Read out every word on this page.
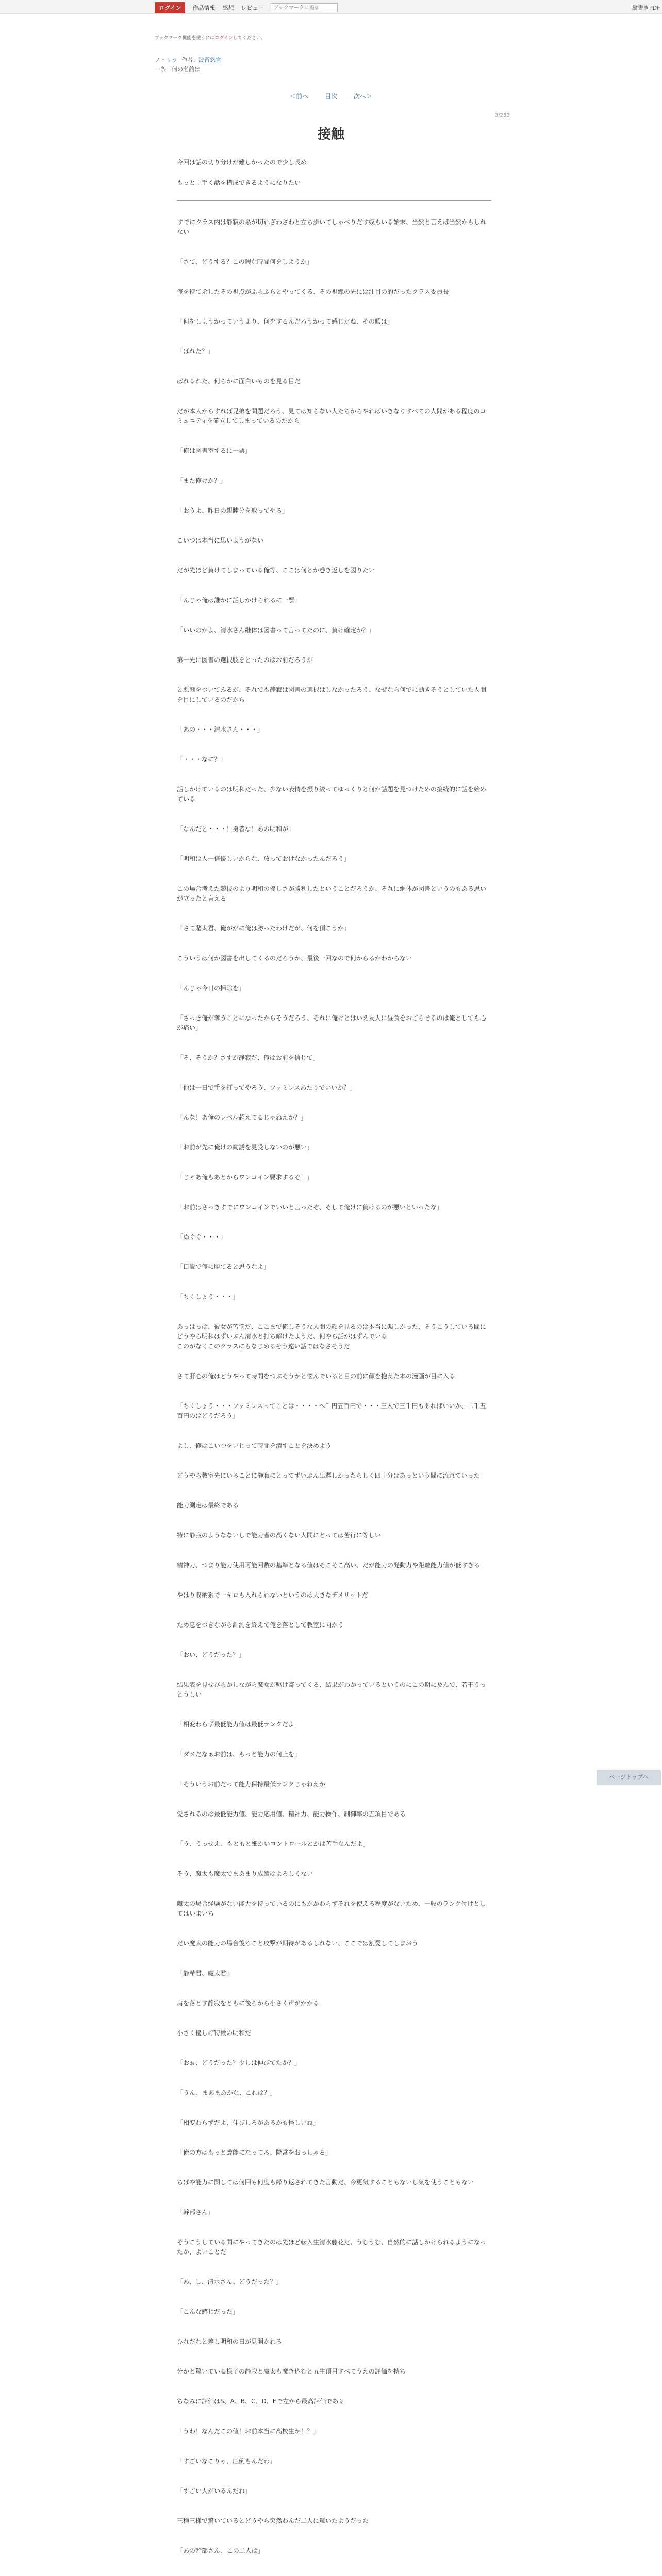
ログイン	作品情報 感想 レビュー
ブックマークに追加	縦書きPDF
ブックマーク機能を使うにはログインしてください。
ノ・リラ 作者：波留悠寛
一条「何の名前は」
＜前へ	目次	次へ＞
3/253
接触

今回は話の切り分けが難しかったので少し長め

もっと上手く話を構成できるようになりたい

すでにクラス内は静寂の糸が切れざわざわと立ち歩いてしゃべりだす奴もいる始末、当然と言えば当然かもしれない

「さて、どうする？この暇な時間何をしようか」

俺を持て余したその視点がふらふらとやってくる、その視線の先には注目の的だったクラス委員長

「何をしようかっていうより、何をするんだろうかって感じだね、その暇は」

「ばれた？」

ばれるれた、何らかに面白いものを見る目だ

だが本人からすれば兄弟を問題だろう、見ては知らない人たちからやればいきなりすべての人間がある程度のコミュニティを確立してしまっているのだから

「俺は図書室するに一票」

「また俺けか？」

「おうよ、昨日の親睦分を取ってやる」

こいつは本当に思いようがない

だが先ほど負けてしまっている俺等、ここは何とか巻き返しを図りたい

「んじゃ俺は誰かに話しかけられるに一票」

「いいのかよ、清水さん継体は図書って言ってたのに、負け確定か？」

第一先に図書の選択肢をとったのはお前だろうが

と悪態をついてみるが、それでも静寂は図書の選択はしなかったろう、なぜなら何でに動きそうとしていた人間を目にしているのだから

「あの・・・清水さん・・・」

「・・・なに？」

話しかけているのは明和だった、少ない表情を振り絞ってゆっくりと何か話題を見つけための接続的に話を始めている

「なんだと・・・！勇者な！あの明和が」

「明和は人一倍優しいからな、放っておけなかったんだろう」

この場合考えた競技のより明和の優しさが勝利したということだろうか、それに継体が図書というのもある思いが立ったと言える

「さて賭太君、俺ががに俺は勝ったわけだが、何を頂こうか」

こういうは何か図書を出してくるのだろうか、最後一回なので何からるかわからない

「んじゃ今日の掃除を」

「さっき俺が奪うことになったからそうだろう、それに俺けとはいえ友人に昼食をおごらせるのは俺としても心が痛い」

「そ、そうか？さすが静寂だ、俺はお前を信じて」

「他は一日で手を打ってやろう、ファミレスあたりでいいか？」

「んな！あ俺のレベル超えてるじゃねえか？」

「お前が先に俺けの勧誘を見受しないのが悪い」

「じゃあ俺もあとからワンコイン要求するぞ！」

「お前はさっきすでにワンコインでいいと言ったぞ、そして俺けに負けるのが悪いといったな」

「ぬぐぐ・・・」

「口説で俺に勝てると思うなよ」

「ちくしょう・・・」

あっはっは、彼女が苦悩だ、ここまで俺しそうな人間の顔を見るのは本当に楽しかった、そうこうしている間にどうやら明和はずいぶん清水と打ち解けたようだ、何やら話がはずんでいる
このがなくこのクラスにもなじめるそう遠い話ではなさそうだ

さて肝心の俺はどうやって時間をつぶそうかと悩んでいると目の前に顔を抱えた本の漫画が目に入る

「ちくしょう・・・ファミレスってことは・・・・へ千円五百円で・・・三人で三千円もあればいいか、二千五百円のはどうだろう」

よし、俺はこいつをいじって時間を潰すことを決めよう

どうやら教室先にいることに静寂にとってずいぶん出遅しかったらしく四十分はあっという間に流れていった

能力測定は最終である

特に静寂のようなないしで能力者の高くない人間にとっては苦行に等しい

精神力、つまり能力使用可能回数の基準となる値はそこそこ高い、だが能力の発動力や距離能力値が低すぎる

やはり収納系で一キロも入れられないというのは大きなデメリットだ

ため息をつきながら計測を終えて俺を落として教室に向かう

「おい、どうだった？」

結果表を見せびらかしながら魔女が駆け寄ってくる、結果がわかっているというのにこの期に及んで、若干うっとうしい

「相変わらず最低能力値は最低ランクだよ」

「ダメだなぁお前は、もっと能力の何上を」

「そういうお前だって能力保持最低ランクじゃねえか

愛されるのは最低能力値、能力応用値、精神力、能力操作、制御率の五項目である

「う、うっせえ、もともと細かいコントロールとかは苦手なんだよ」

そう、魔太も魔太でまあまり成績はよろしくない

魔太の場合経験がない能力を持っているのにもかかわらずそれを使える程度がないため、一般のランク付けとしてはいまいち

だい魔太の能力の場合後ろこと攻撃が期待があるしれない、ここでは割愛してしまおう

「静希君、魔太君」

肩を落とす静寂をともに後ろから小さく声がかかる

小さく優しげ特徴の明和だ

「おぉ、どうだった？少しは伸びてたか？」

「うん、まあまあかな、これは？」

「相変わらずだよ、伸びしろがあるかも怪しいね」

「俺の方はもっと厳能になってる、降常をおっしゃる」

ちばや能力に関しては何回も何度も繰り返されてきた言動だ、今更気することもないし気を使うこともない

「幹部さん」

そうこうしている間にやってきたのは先ほど転入生清水藤花だ、うむうむ、自然的に話しかけられるようになったか、よいことだ

「あ、し、清水さん、どうだった？」

「こんな感じだった」

ひれだれと差し明和の日が見開かれる

分かと驚いている様子の静寂と魔太も魔き込むと五生頂目すべてうえの評価を持ち

ちなみに評価はS、A、B、C、D、Eで左から最高評価である

「うわ！なんだこの値！お前本当に高校生か！？」

「すごいなこりゃ、圧倒もんだわ」

「すごい人がいるんだね」

三種三様で驚いているとどうやら突然わんだ二人に驚いたようだった

「あの幹部さん、この二人は」

ページトップへ
